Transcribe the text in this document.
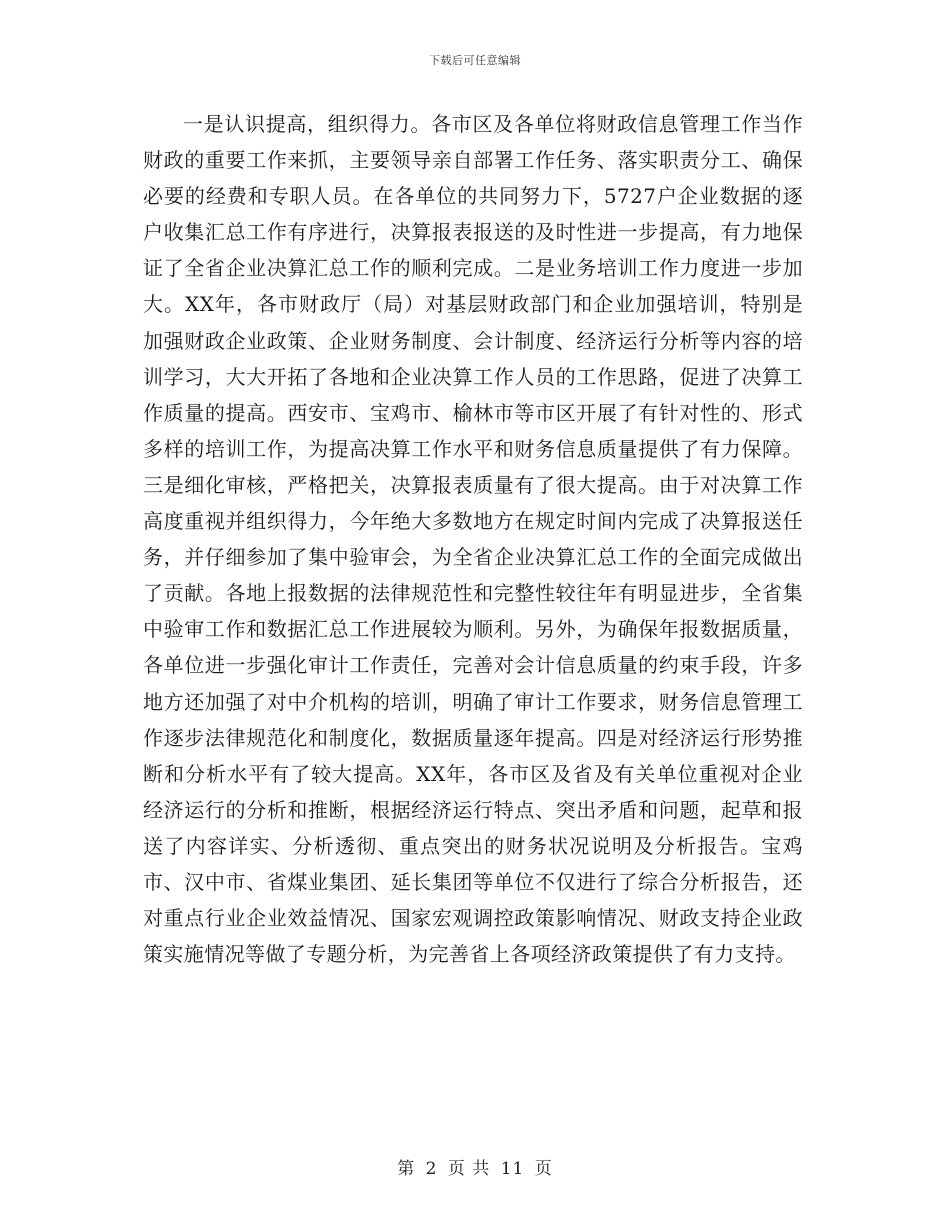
下载后可任意编辑

一是认识提高，组织得力。各市区及各单位将财政信息管理工作当作财政的重要工作来抓，主要领导亲自部署工作任务、落实职责分工、确保必要的经费和专职人员。在各单位的共同努力下，5727户企业数据的逐户收集汇总工作有序进行，决算报表报送的及时性进一步提高，有力地保证了全省企业决算汇总工作的顺利完成。二是业务培训工作力度进一步加大。XX年，各市财政厅（局）对基层财政部门和企业加强培训，特别是加强财政企业政策、企业财务制度、会计制度、经济运行分析等内容的培训学习，大大开拓了各地和企业决算工作人员的工作思路，促进了决算工作质量的提高。西安市、宝鸡市、榆林市等市区开展了有针对性的、形式多样的培训工作，为提高决算工作水平和财务信息质量提供了有力保障。三是细化审核，严格把关，决算报表质量有了很大提高。由于对决算工作高度重视并组织得力，今年绝大多数地方在规定时间内完成了决算报送任务，并仔细参加了集中验审会，为全省企业决算汇总工作的全面完成做出了贡献。各地上报数据的法律规范性和完整性较往年有明显进步，全省集中验审工作和数据汇总工作进展较为顺利。另外，为确保年报数据质量，各单位进一步强化审计工作责任，完善对会计信息质量的约束手段，许多地方还加强了对中介机构的培训，明确了审计工作要求，财务信息管理工作逐步法律规范化和制度化，数据质量逐年提高。四是对经济运行形势推断和分析水平有了较大提高。XX年，各市区及省及有关单位重视对企业经济运行的分析和推断，根据经济运行特点、突出矛盾和问题，起草和报送了内容详实、分析透彻、重点突出的财务状况说明及分析报告。宝鸡市、汉中市、省煤业集团、延长集团等单位不仅进行了综合分析报告，还对重点行业企业效益情况、国家宏观调控政策影响情况、财政支持企业政策实施情况等做了专题分析，为完善省上各项经济政策提供了有力支持。

第 2 页 共 11 页
